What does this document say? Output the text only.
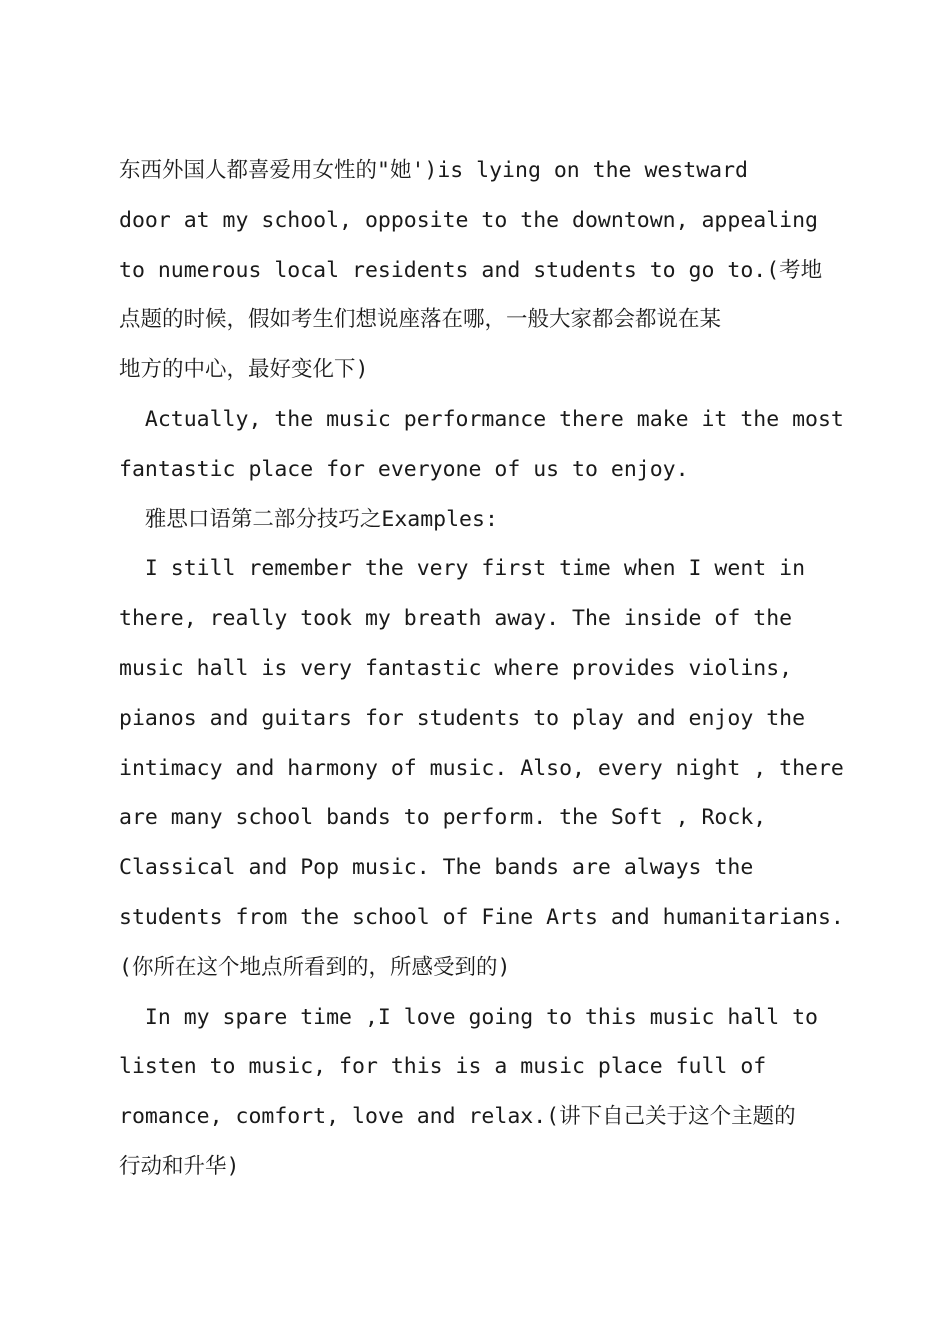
东西外国人都喜爱用女性的"她')is lying on the westward
door at my school, opposite to the downtown, appealing
to numerous local residents and students to go to.(考地
点题的时候，假如考生们想说座落在哪，一般大家都会都说在某
地方的中心，最好变化下)
Actually, the music performance there make it the most
fantastic place for everyone of us to enjoy.
雅思口语第二部分技巧之Examples:
I still remember the very first time when I went in
there, really took my breath away. The inside of the
music hall is very fantastic where provides violins,
pianos and guitars for students to play and enjoy the
intimacy and harmony of music. Also, every night , there
are many school bands to perform. the Soft , Rock,
Classical and Pop music. The bands are always the
students from the school of Fine Arts and humanitarians.
(你所在这个地点所看到的，所感受到的)
In my spare time ,I love going to this music hall to
listen to music, for this is a music place full of
romance, comfort, love and relax.(讲下自己关于这个主题的
行动和升华)
